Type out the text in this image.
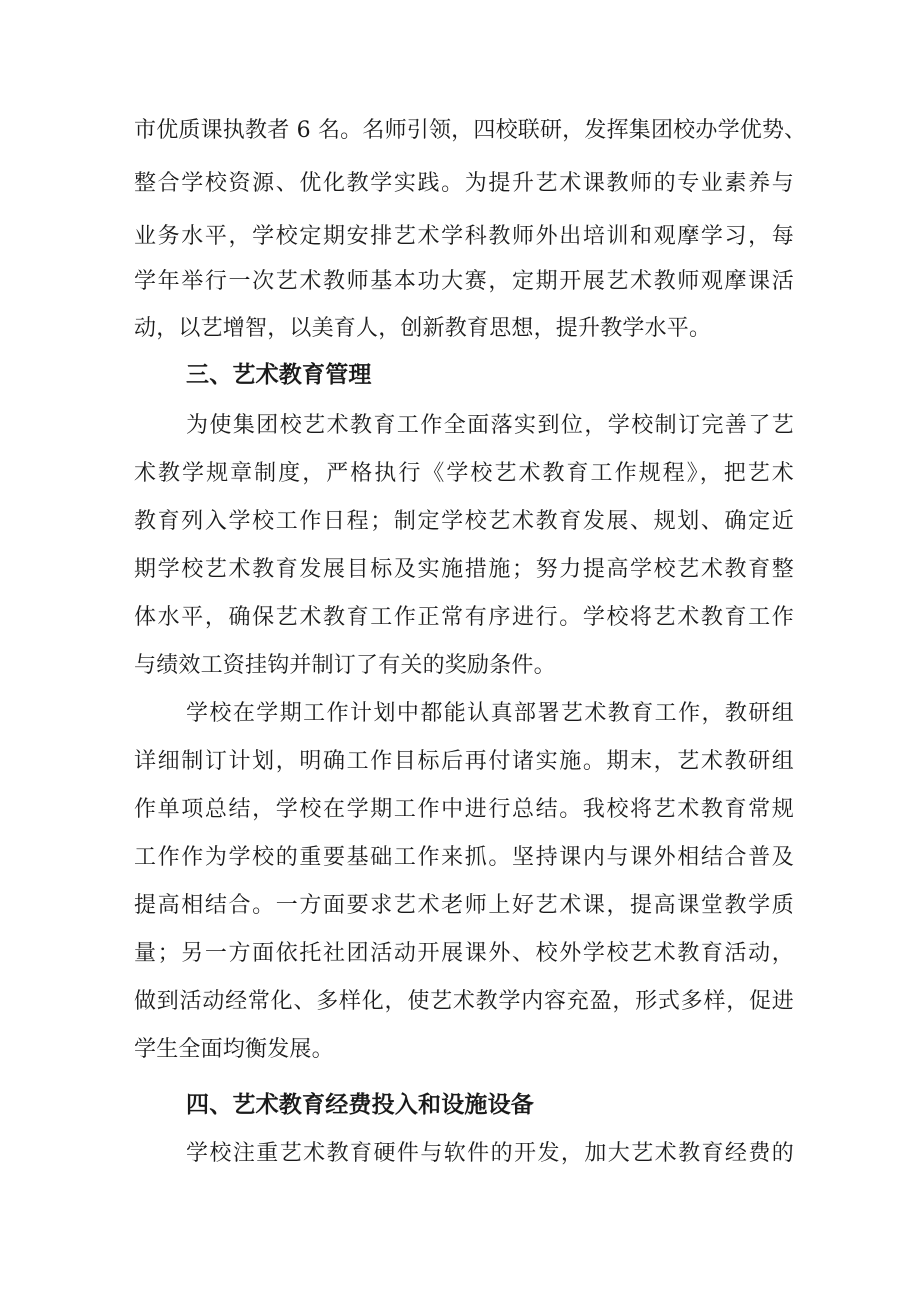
市优质课执教者 6 名。名师引领，四校联研，发挥集团校办学优势、
整合学校资源、优化教学实践。为提升艺术课教师的专业素养与
业务水平，学校定期安排艺术学科教师外出培训和观摩学习，每
学年举行一次艺术教师基本功大赛，定期开展艺术教师观摩课活
动，以艺增智，以美育人，创新教育思想，提升教学水平。
三、艺术教育管理
为使集团校艺术教育工作全面落实到位，学校制订完善了艺
术教学规章制度，严格执行《学校艺术教育工作规程》，把艺术
教育列入学校工作日程；制定学校艺术教育发展、规划、确定近
期学校艺术教育发展目标及实施措施；努力提高学校艺术教育整
体水平，确保艺术教育工作正常有序进行。学校将艺术教育工作
与绩效工资挂钩并制订了有关的奖励条件。
学校在学期工作计划中都能认真部署艺术教育工作，教研组
详细制订计划，明确工作目标后再付诸实施。期末，艺术教研组
作单项总结，学校在学期工作中进行总结。我校将艺术教育常规
工作作为学校的重要基础工作来抓。坚持课内与课外相结合普及
提高相结合。一方面要求艺术老师上好艺术课，提高课堂教学质
量；另一方面依托社团活动开展课外、校外学校艺术教育活动，
做到活动经常化、多样化，使艺术教学内容充盈，形式多样，促进
学生全面均衡发展。
四、艺术教育经费投入和设施设备
学校注重艺术教育硬件与软件的开发，加大艺术教育经费的
